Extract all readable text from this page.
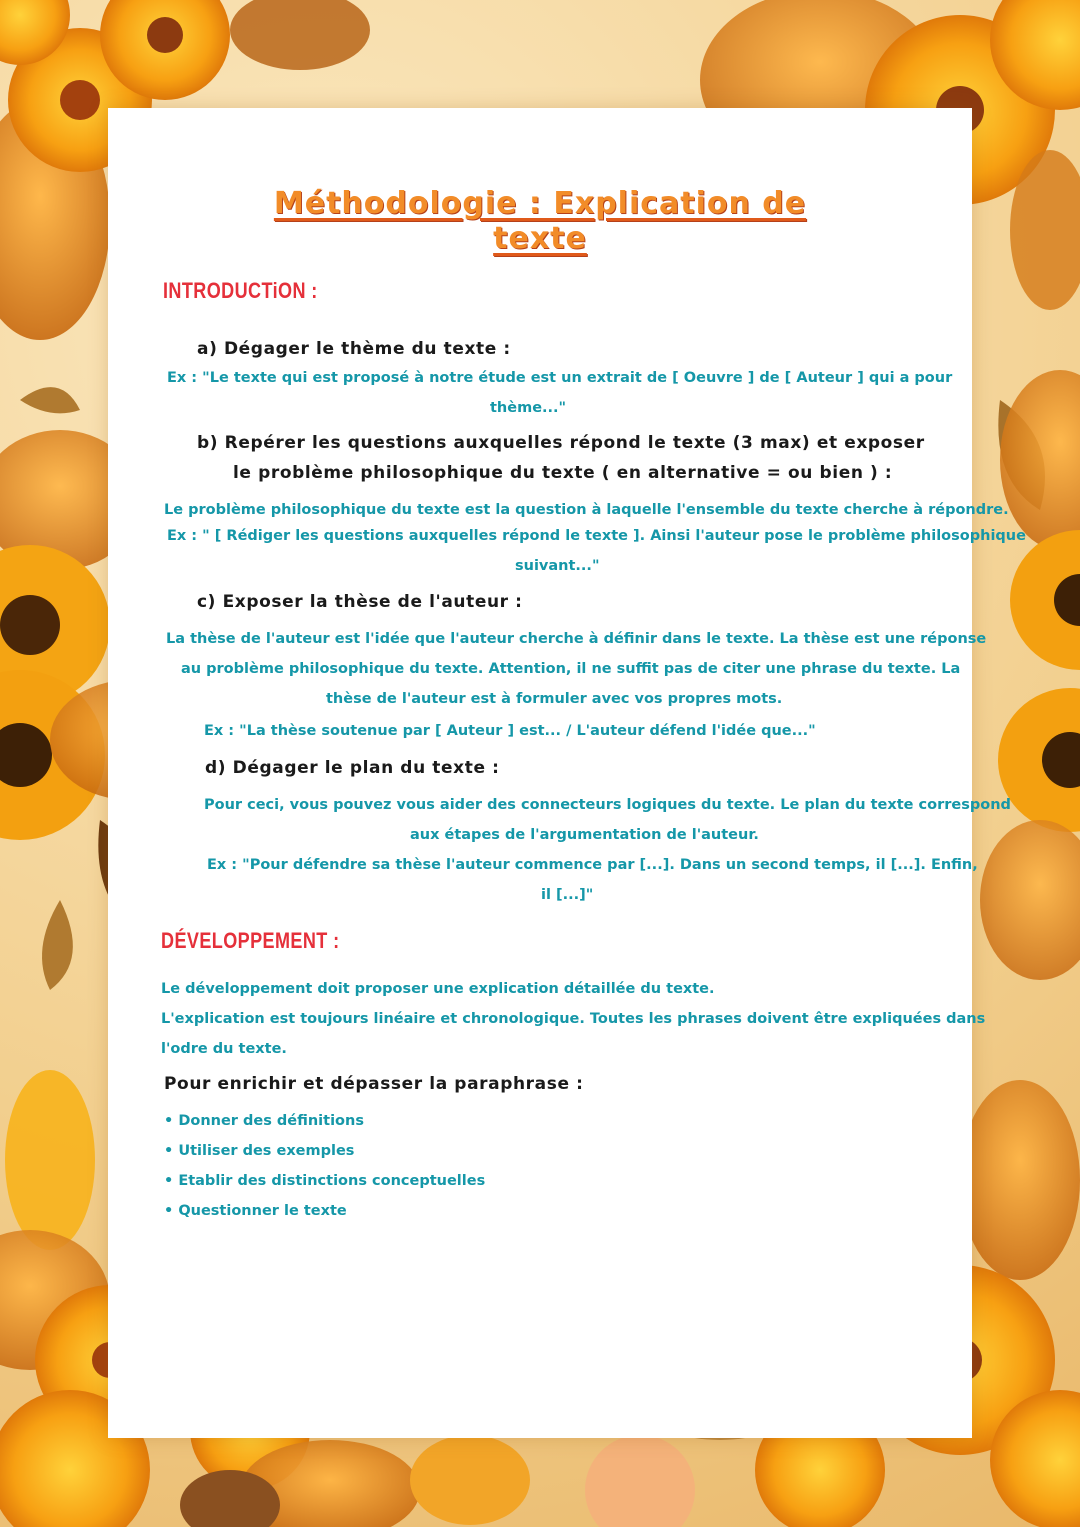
Méthodologie : Explication de texte
INTRODUCTiON :
a) Dégager le thème du texte :
Ex : "Le texte qui est proposé à notre étude est un extrait de [ Oeuvre ] de [ Auteur ] qui a pour
thème..."
b) Repérer les questions auxquelles répond le texte (3 max) et exposer
le problème philosophique du texte ( en alternative = ou bien ) :
Le problème philosophique du texte est la question à laquelle l'ensemble du texte cherche à répondre.
Ex : " [ Rédiger les questions auxquelles répond le texte ]. Ainsi l'auteur pose le problème philosophique
suivant..."
c) Exposer la thèse de l'auteur :
La thèse de l'auteur est l'idée que l'auteur cherche à définir dans le texte. La thèse est une réponse
au problème philosophique du texte. Attention, il ne suffit pas de citer une phrase du texte. La
thèse de l'auteur est à formuler avec vos propres mots.
Ex : "La thèse soutenue par [ Auteur ] est... / L'auteur défend l'idée que..."
d) Dégager le plan du texte :
Pour ceci, vous pouvez vous aider des connecteurs logiques du texte. Le plan du texte correspond
aux étapes de l'argumentation de l'auteur.
Ex : "Pour défendre sa thèse l'auteur commence par [...]. Dans un second temps, il [...]. Enfin,
il [...]"
DÉVELOPPEMENT :
Le développement doit proposer une explication détaillée du texte.
L'explication est toujours linéaire et chronologique. Toutes les phrases doivent être expliquées dans
l'odre du texte.
Pour enrichir et dépasser la paraphrase :
• Donner des définitions
• Utiliser des exemples
• Etablir des distinctions conceptuelles
• Questionner le texte
